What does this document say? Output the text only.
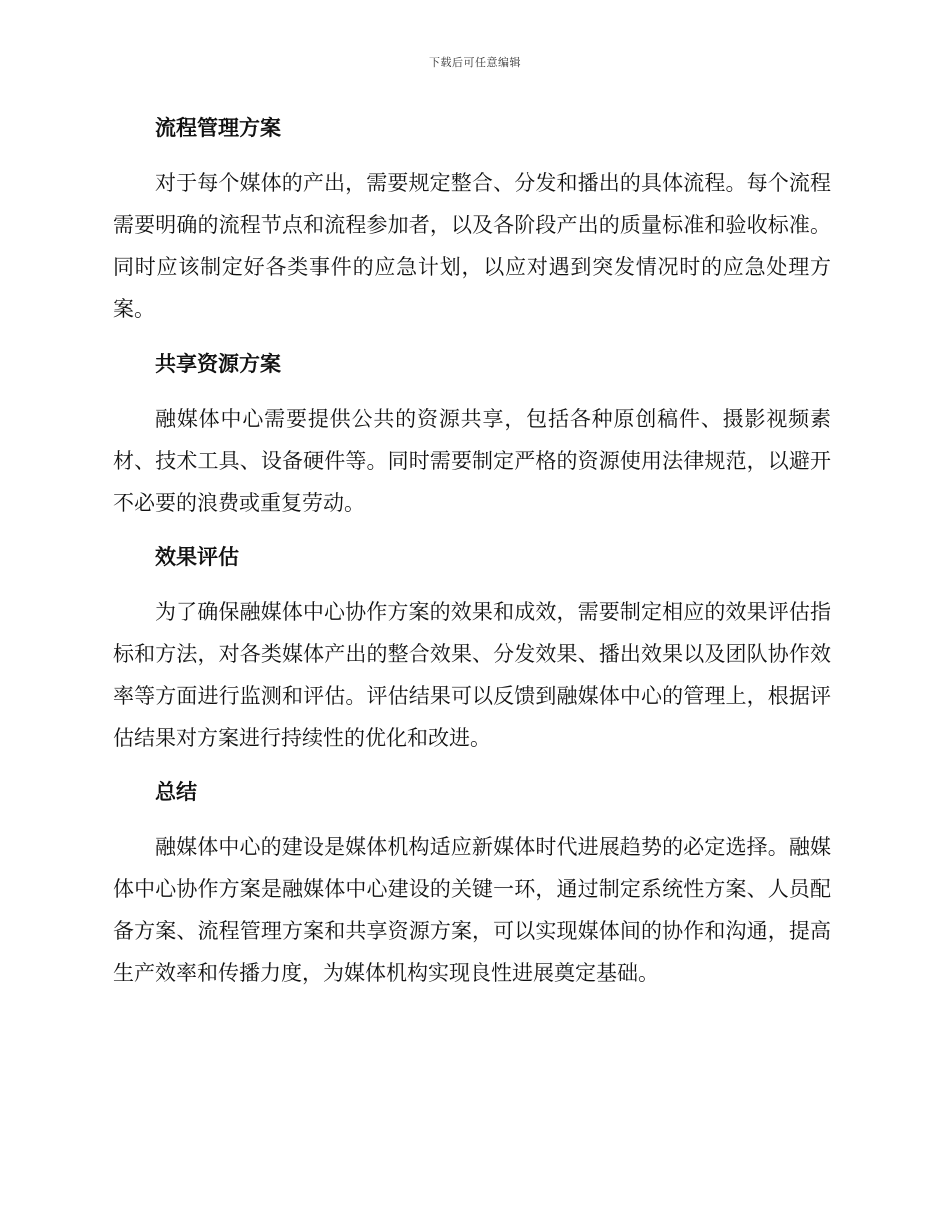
下载后可任意编辑
流程管理方案

对于每个媒体的产出，需要规定整合、分发和播出的具体流程。每个流程需要明确的流程节点和流程参加者，以及各阶段产出的质量标准和验收标准。同时应该制定好各类事件的应急计划，以应对遇到突发情况时的应急处理方案。

共享资源方案

融媒体中心需要提供公共的资源共享，包括各种原创稿件、摄影视频素材、技术工具、设备硬件等。同时需要制定严格的资源使用法律规范，以避开不必要的浪费或重复劳动。

效果评估

为了确保融媒体中心协作方案的效果和成效，需要制定相应的效果评估指标和方法，对各类媒体产出的整合效果、分发效果、播出效果以及团队协作效率等方面进行监测和评估。评估结果可以反馈到融媒体中心的管理上，根据评估结果对方案进行持续性的优化和改进。

总结

融媒体中心的建设是媒体机构适应新媒体时代进展趋势的必定选择。融媒体中心协作方案是融媒体中心建设的关键一环，通过制定系统性方案、人员配备方案、流程管理方案和共享资源方案，可以实现媒体间的协作和沟通，提高生产效率和传播力度，为媒体机构实现良性进展奠定基础。
